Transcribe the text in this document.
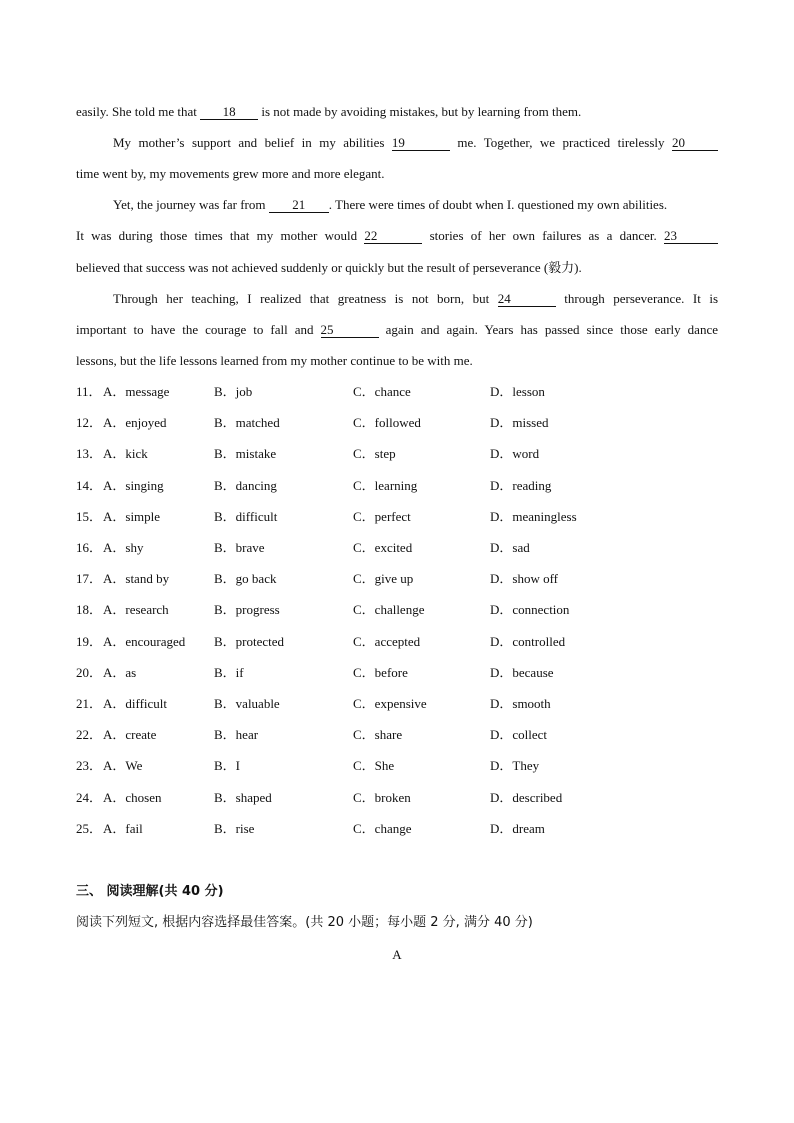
easily. She told me that 18 is not made by avoiding mistakes, but by learning from them.
My mother’s support and belief in my abilities 19	me. Together, we practiced tirelessly 20
time went by, my movements grew more and more elegant.
Yet, the journey was far from 21 . There were times of doubt when I. questioned my own abilities.
It was during those times that my mother would 22	stories of her own failures as a dancer. 23
believed that success was not achieved suddenly or quickly but the result of perseverance (毅力).
Through her teaching, I realized that greatness is not born, but 24	through perseverance. It is
important to have the courage to fall and 25	again and again. Years has passed since those early dance
lessons, but the life lessons learned from my mother continue to be with me.
11． A．message	B．job	C．chance	D．lesson
12． A．enjoyed	B．matched	C．followed	D．missed
13． A．kick	B．mistake	C．step	D．word
14． A．singing	B．dancing	C．learning	D．reading
15． A．simple	B．difficult	C．perfect	D．meaningless
16． A．shy	B．brave	C．excited	D．sad
17． A．stand by	B．go back	C．give up	D．show off
18． A．research	B．progress	C．challenge	D．connection
19． A．encouraged B．protected	C．accepted	D．controlled
20． A．as	B．if	C．before	D．because
21． A．difficult	B．valuable	C．expensive	D．smooth
22． A．create	B．hear	C．share	D．collect
23． A．We	B．I	C．She	D．They
24． A．chosen	B．shaped	C．broken	D．described
25． A．fail	B．rise	C．change	D．dream
三、 阅读理解(共 40 分)
阅读下列短文, 根据内容选择最佳答案。(共 20 小题；每小题 2 分, 满分 40 分)
A
